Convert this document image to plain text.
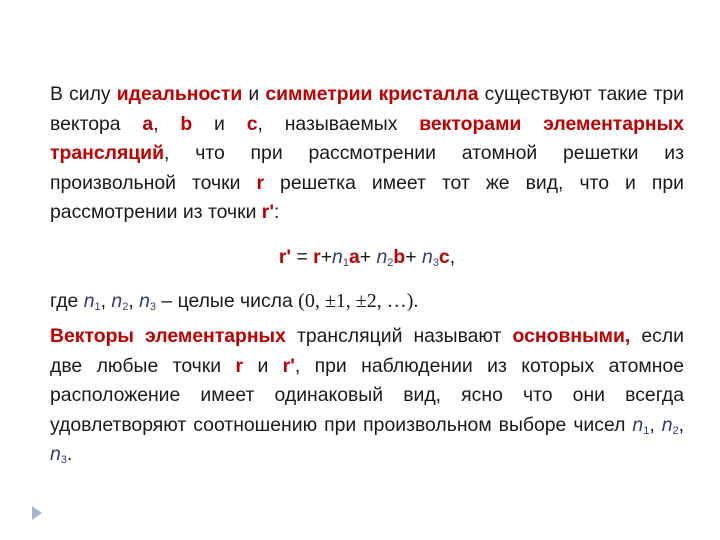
В силу идеальности и симметрии кристалла существуют такие три вектора a, b и c, называемых векторами элементарных трансляций, что при рассмотрении атомной решетки из произвольной точки r решетка имеет тот же вид, что и при рассмотрении из точки r':

$r' = r+n_1a+ n_2b+ n_3c$,

где $n_1$, $n_2$, $n_3$ – целые числа (0, ±1, ±2, …).

Векторы элементарных трансляций называют основными, если две любые точки r и r', при наблюдении из которых атомное расположение имеет одинаковый вид, ясно что они всегда удовлетворяют соотношению при произвольном выборе чисел $n_1$, $n_2$, $n_3$.
